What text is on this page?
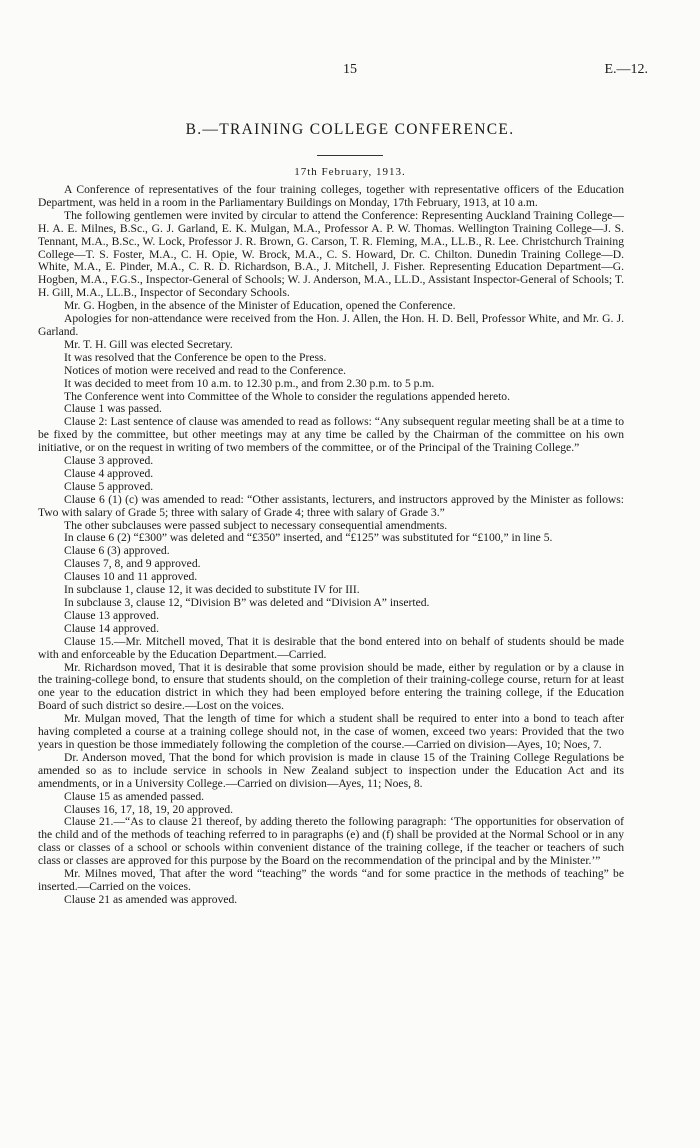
15	E.—12.
B.—TRAINING COLLEGE CONFERENCE.
17th February, 1913.

A Conference of representatives of the four training colleges, together with representative officers of the Education Department, was held in a room in the Parliamentary Buildings on Monday, 17th February, 1913, at 10 a.m.

The following gentlemen were invited by circular to attend the Conference: Representing Auckland Training College—H. A. E. Milnes, B.Sc., G. J. Garland, E. K. Mulgan, M.A., Professor A. P. W. Thomas. Wellington Training College—J. S. Tennant, M.A., B.Sc., W. Lock, Professor J. R. Brown, G. Carson, T. R. Fleming, M.A., LL.B., R. Lee. Christchurch Training College—T. S. Foster, M.A., C. H. Opie, W. Brock, M.A., C. S. Howard, Dr. C. Chilton. Dunedin Training College—D. White, M.A., E. Pinder, M.A., C. R. D. Richardson, B.A., J. Mitchell, J. Fisher. Representing Education Department—G. Hogben, M.A., F.G.S., Inspector-General of Schools; W. J. Anderson, M.A., LL.D., Assistant Inspector-General of Schools; T. H. Gill, M.A., LL.B., Inspector of Secondary Schools.

Mr. G. Hogben, in the absence of the Minister of Education, opened the Conference.

Apologies for non-attendance were received from the Hon. J. Allen, the Hon. H. D. Bell, Professor White, and Mr. G. J. Garland.

Mr. T. H. Gill was elected Secretary.

It was resolved that the Conference be open to the Press.

Notices of motion were received and read to the Conference.

It was decided to meet from 10 a.m. to 12.30 p.m., and from 2.30 p.m. to 5 p.m.

The Conference went into Committee of the Whole to consider the regulations appended hereto.

Clause 1 was passed.

Clause 2: Last sentence of clause was amended to read as follows: “Any subsequent regular meeting shall be at a time to be fixed by the committee, but other meetings may at any time be called by the Chairman of the committee on his own initiative, or on the request in writing of two members of the committee, or of the Principal of the Training College.”

Clause 3 approved.

Clause 4 approved.

Clause 5 approved.

Clause 6 (1) (c) was amended to read: “Other assistants, lecturers, and instructors approved by the Minister as follows: Two with salary of Grade 5; three with salary of Grade 4; three with salary of Grade 3.”

The other subclauses were passed subject to necessary consequential amendments.

In clause 6 (2) “£300” was deleted and “£350” inserted, and “£125” was substituted for “£100,” in line 5.

Clause 6 (3) approved.

Clauses 7, 8, and 9 approved.

Clauses 10 and 11 approved.

In subclause 1, clause 12, it was decided to substitute IV for III.

In subclause 3, clause 12, “Division B” was deleted and “Division A” inserted.

Clause 13 approved.

Clause 14 approved.

Clause 15.—Mr. Mitchell moved, That it is desirable that the bond entered into on behalf of students should be made with and enforceable by the Education Department.—Carried.

Mr. Richardson moved, That it is desirable that some provision should be made, either by regulation or by a clause in the training-college bond, to ensure that students should, on the completion of their training-college course, return for at least one year to the education district in which they had been employed before entering the training college, if the Education Board of such district so desire.—Lost on the voices.

Mr. Mulgan moved, That the length of time for which a student shall be required to enter into a bond to teach after having completed a course at a training college should not, in the case of women, exceed two years: Provided that the two years in question be those immediately following the completion of the course.—Carried on division—Ayes, 10; Noes, 7.

Dr. Anderson moved, That the bond for which provision is made in clause 15 of the Training College Regulations be amended so as to include service in schools in New Zealand subject to inspection under the Education Act and its amendments, or in a University College.—Carried on division—Ayes, 11; Noes, 8.

Clause 15 as amended passed.

Clauses 16, 17, 18, 19, 20 approved.

Clause 21.—“As to clause 21 thereof, by adding thereto the following paragraph: ‘The opportunities for observation of the child and of the methods of teaching referred to in paragraphs (e) and (f) shall be provided at the Normal School or in any class or classes of a school or schools within convenient distance of the training college, if the teacher or teachers of such class or classes are approved for this purpose by the Board on the recommendation of the principal and by the Minister.’”

Mr. Milnes moved, That after the word “teaching” the words “and for some practice in the methods of teaching” be inserted.—Carried on the voices.

Clause 21 as amended was approved.
